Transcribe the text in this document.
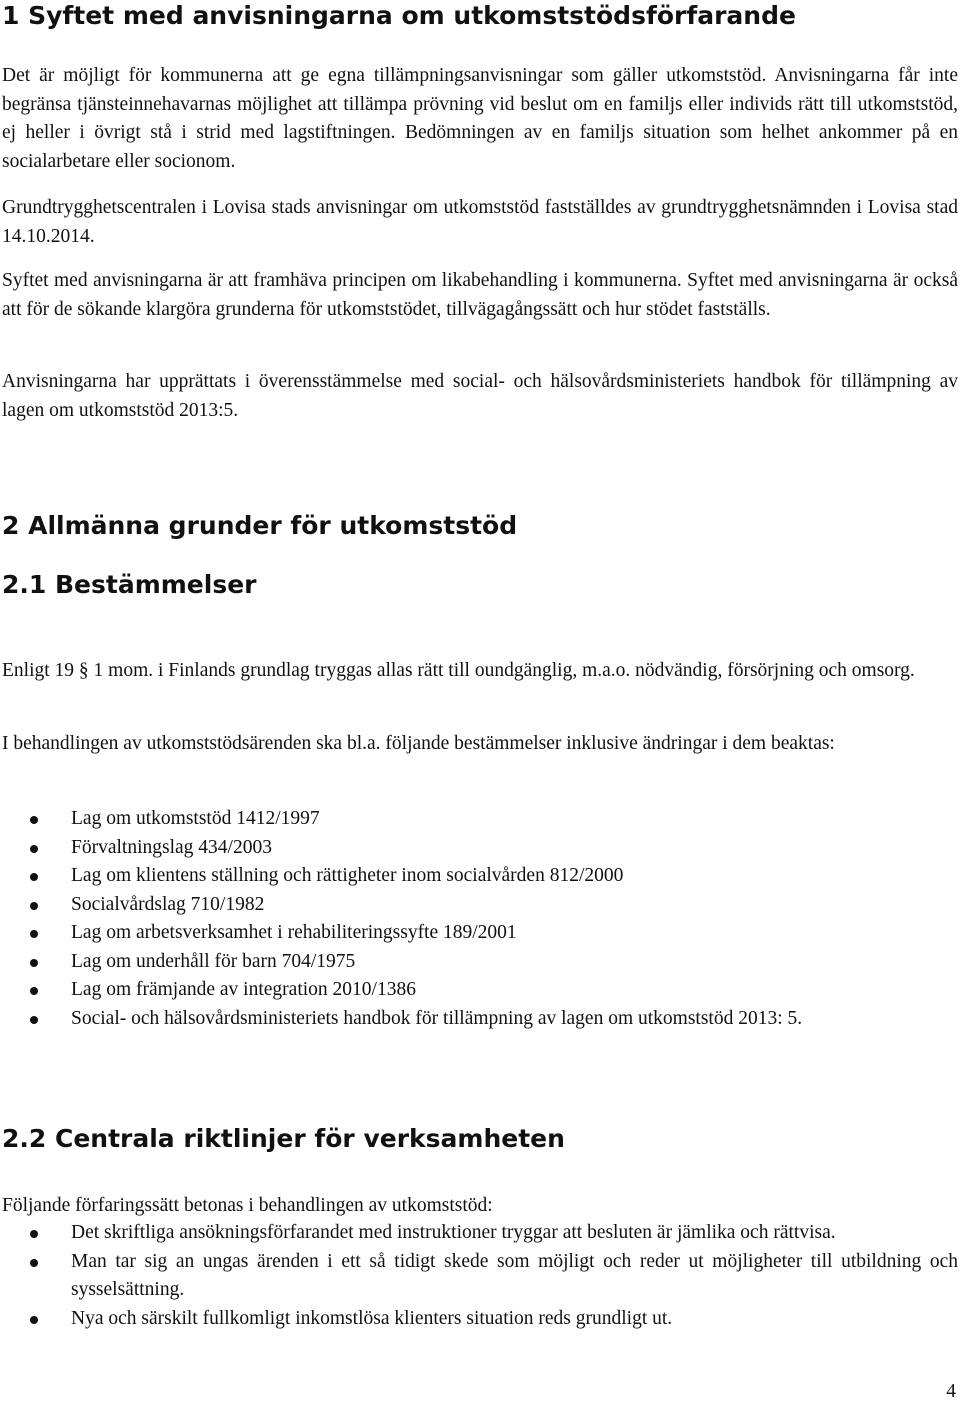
1 Syftet med anvisningarna om utkomststödsförfarande

Det är möjligt för kommunerna att ge egna tillämpningsanvisningar som gäller utkomststöd. Anvisningarna får inte begränsa tjänsteinnehavarnas möjlighet att tillämpa prövning vid beslut om en familjs eller individs rätt till utkomststöd, ej heller i övrigt stå i strid med lagstiftningen. Bedömningen av en familjs situation som helhet ankommer på en socialarbetare eller socionom.

Grundtrygghetscentralen i Lovisa stads anvisningar om utkomststöd fastställdes av grundtrygghetsnämnden i Lovisa stad 14.10.2014.

Syftet med anvisningarna är att framhäva principen om likabehandling i kommunerna. Syftet med anvisningarna är också att för de sökande klargöra grunderna för utkomststödet, tillvägagångssätt och hur stödet fastställs.

Anvisningarna har upprättats i överensstämmelse med social- och hälsovårdsministeriets handbok för tillämpning av lagen om utkomststöd 2013:5.

2 Allmänna grunder för utkomststöd
2.1 Bestämmelser

Enligt 19 § 1 mom. i Finlands grundlag tryggas allas rätt till oundgänglig, m.a.o. nödvändig, försörjning och omsorg.

I behandlingen av utkomststödsärenden ska bl.a. följande bestämmelser inklusive ändringar i dem beaktas:

Lag om utkomststöd 1412/1997
Förvaltningslag 434/2003
Lag om klientens ställning och rättigheter inom socialvården 812/2000
Socialvårdslag 710/1982
Lag om arbetsverksamhet i rehabiliteringssyfte 189/2001
Lag om underhåll för barn 704/1975
Lag om främjande av integration 2010/1386
Social- och hälsovårdsministeriets handbok för tillämpning av lagen om utkomststöd 2013: 5.
2.2 Centrala riktlinjer för verksamheten

Följande förfaringssätt betonas i behandlingen av utkomststöd:

Det skriftliga ansökningsförfarandet med instruktioner tryggar att besluten är jämlika och rättvisa.
Man tar sig an ungas ärenden i ett så tidigt skede som möjligt och reder ut möjligheter till utbildning och sysselsättning.
Nya och särskilt fullkomligt inkomstlösa klienters situation reds grundligt ut.
4
